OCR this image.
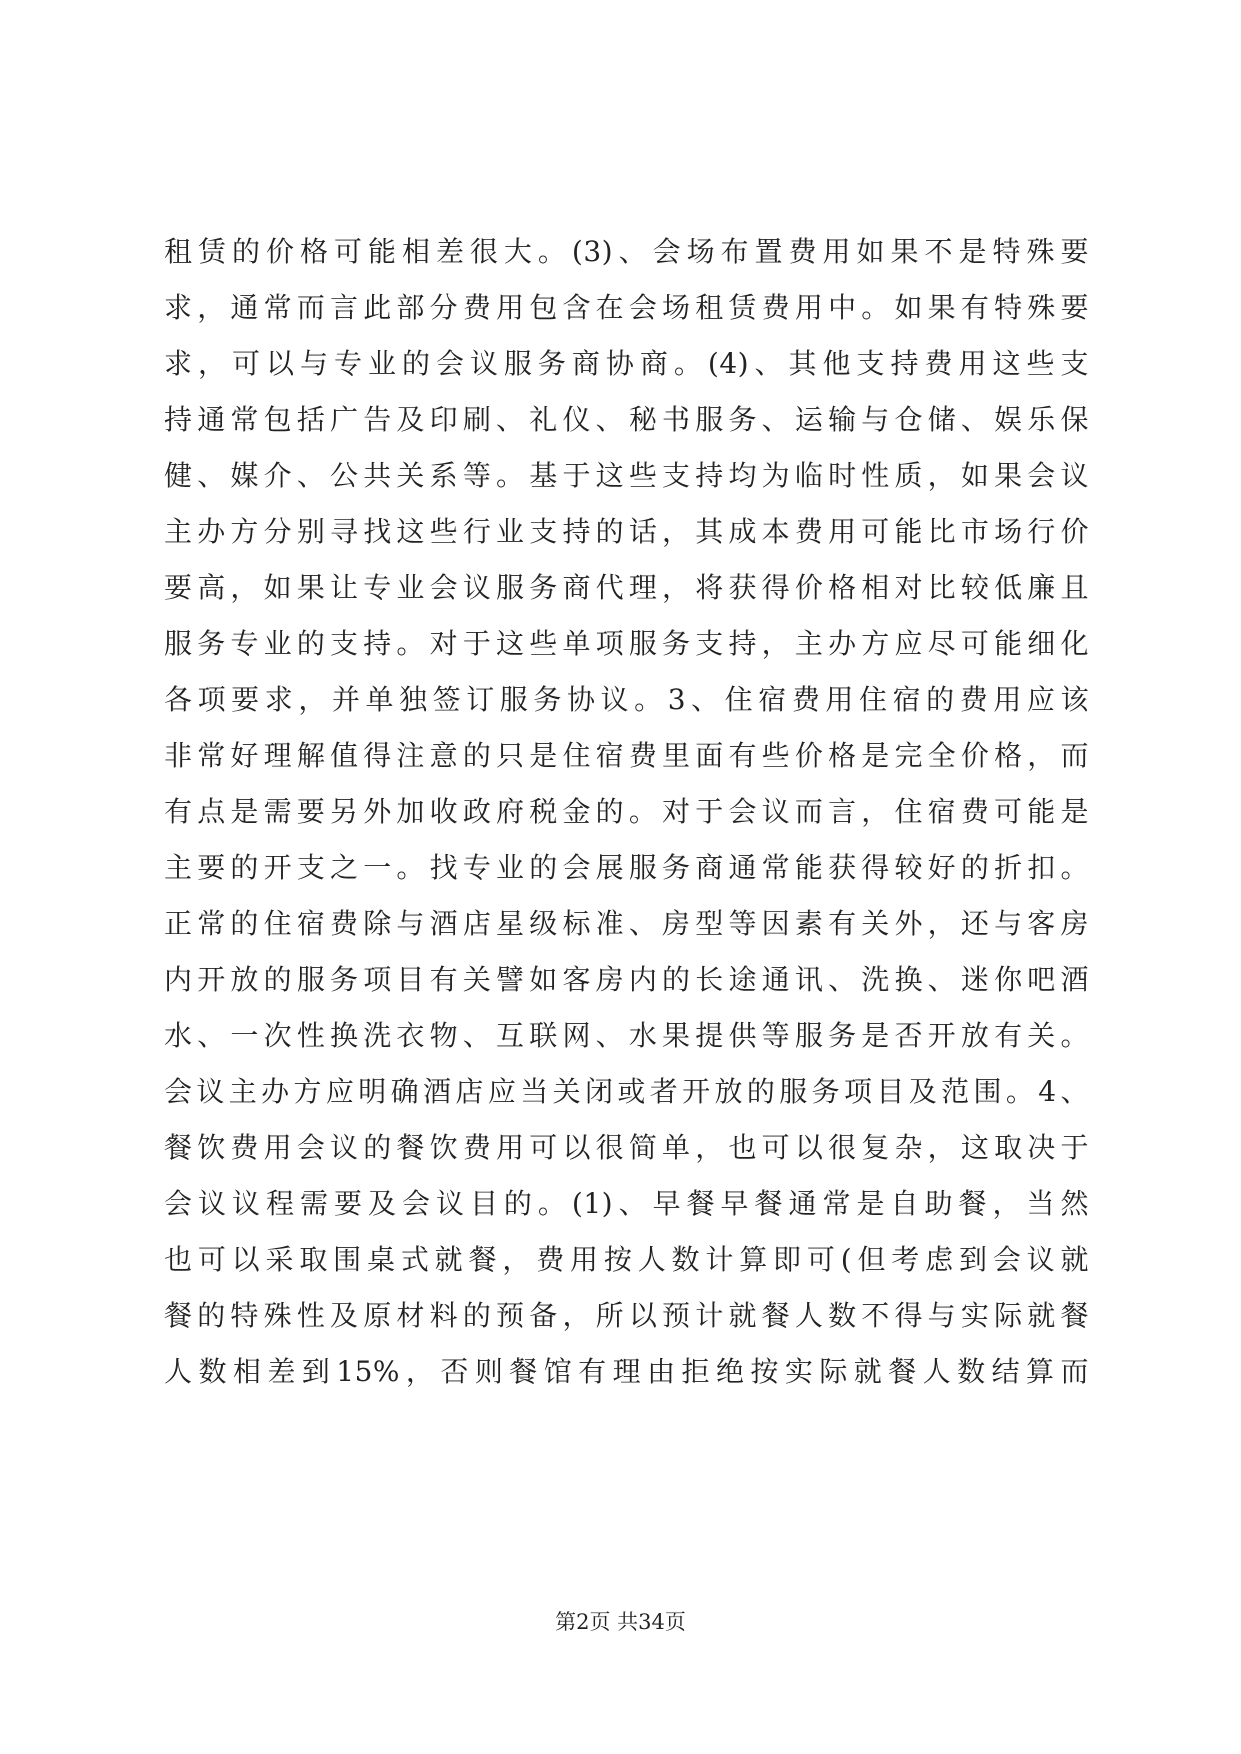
租赁的价格可能相差很大。(3)、会场布置费用如果不是特殊要
求，通常而言此部分费用包含在会场租赁费用中。如果有特殊要
求，可以与专业的会议服务商协商。(4)、其他支持费用这些支
持通常包括广告及印刷、礼仪、秘书服务、运输与仓储、娱乐保
健、媒介、公共关系等。基于这些支持均为临时性质，如果会议
主办方分别寻找这些行业支持的话，其成本费用可能比市场行价
要高，如果让专业会议服务商代理，将获得价格相对比较低廉且
服务专业的支持。对于这些单项服务支持，主办方应尽可能细化
各项要求，并单独签订服务协议。3、住宿费用住宿的费用应该
非常好理解值得注意的只是住宿费里面有些价格是完全价格，而
有点是需要另外加收政府税金的。对于会议而言，住宿费可能是
主要的开支之一。找专业的会展服务商通常能获得较好的折扣。
正常的住宿费除与酒店星级标准、房型等因素有关外，还与客房
内开放的服务项目有关譬如客房内的长途通讯、洗换、迷你吧酒
水、一次性换洗衣物、互联网、水果提供等服务是否开放有关。
会议主办方应明确酒店应当关闭或者开放的服务项目及范围。4、
餐饮费用会议的餐饮费用可以很简单，也可以很复杂，这取决于
会议议程需要及会议目的。(1)、早餐早餐通常是自助餐，当然
也可以采取围桌式就餐，费用按人数计算即可(但考虑到会议就
餐的特殊性及原材料的预备，所以预计就餐人数不得与实际就餐
人数相差到15%，否则餐馆有理由拒绝按实际就餐人数结算而
第2页 共34页
